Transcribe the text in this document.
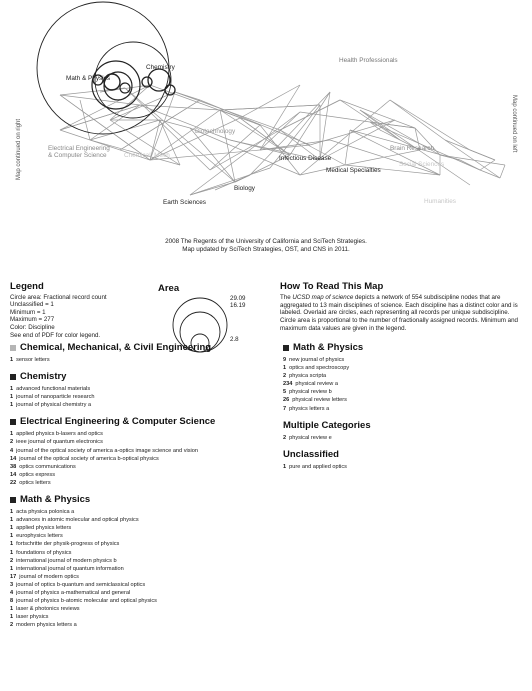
Math & Physics
Chemistry
Health Professionals
Electrical Engineering
& Computer Science	Chemical, Mech
Biotechnology
Infectious Disease
Brain Research
Social Sciences
Medical Specialties
Biology
Earth Sciences	Humanities
Map continued on right	Map continued on left
2008 The Regents of the University of California and SciTech Strategies.
Map updated by SciTech Strategies, OST, and CNS in 2011.
Legend
Circle area: Fractional record count
Unclassified = 1
Minimum = 1
Maximum = 277
Color: Discipline
See end of PDF for color legend.
Area
29.09
16.19
2.8
How To Read This Map

The UCSD map of science depicts a network of 554 subdiscipline nodes that are aggregated to 13 main disciplines of science. Each discipline has a distinct color and is labeled. Overlaid are circles, each representing all records per unique subdiscipline. Circle area is proportional to the number of fractionally assigned records. Minimum and maximum data values are given in the legend.

Chemical, Mechanical, & Civil Engineering
1 sensor letters
Chemistry
1 advanced functional materials
1 journal of nanoparticle research
1 journal of physical chemistry a
Electrical Engineering & Computer Science
1 applied physics b-lasers and optics
2 ieee journal of quantum electronics
4 journal of the optical society of america a-optics image science and vision
14 journal of the optical society of america b-optical physics
38 optics communications
14 optics express
22 optics letters
Math & Physics
1 acta physica polonica a
1 advances in atomic molecular and optical physics
1 applied physics letters
1 europhysics letters
1 fortschritte der physik-progress of physics
1 foundations of physics
2 international journal of modern physics b
1 international journal of quantum information
17 journal of modern optics
3 journal of optics b-quantum and semiclassical optics
4 journal of physics a-mathematical and general
8 journal of physics b-atomic molecular and optical physics
1 laser & photonics reviews
1 laser physics
2 modern physics letters a
Math & Physics
9 new journal of physics
1 optics and spectroscopy
2 physica scripta
234 physical review a
5 physical review b
26 physical review letters
7 physics letters a
Multiple Categories
2 physical review e
Unclassified
1 pure and applied optics
